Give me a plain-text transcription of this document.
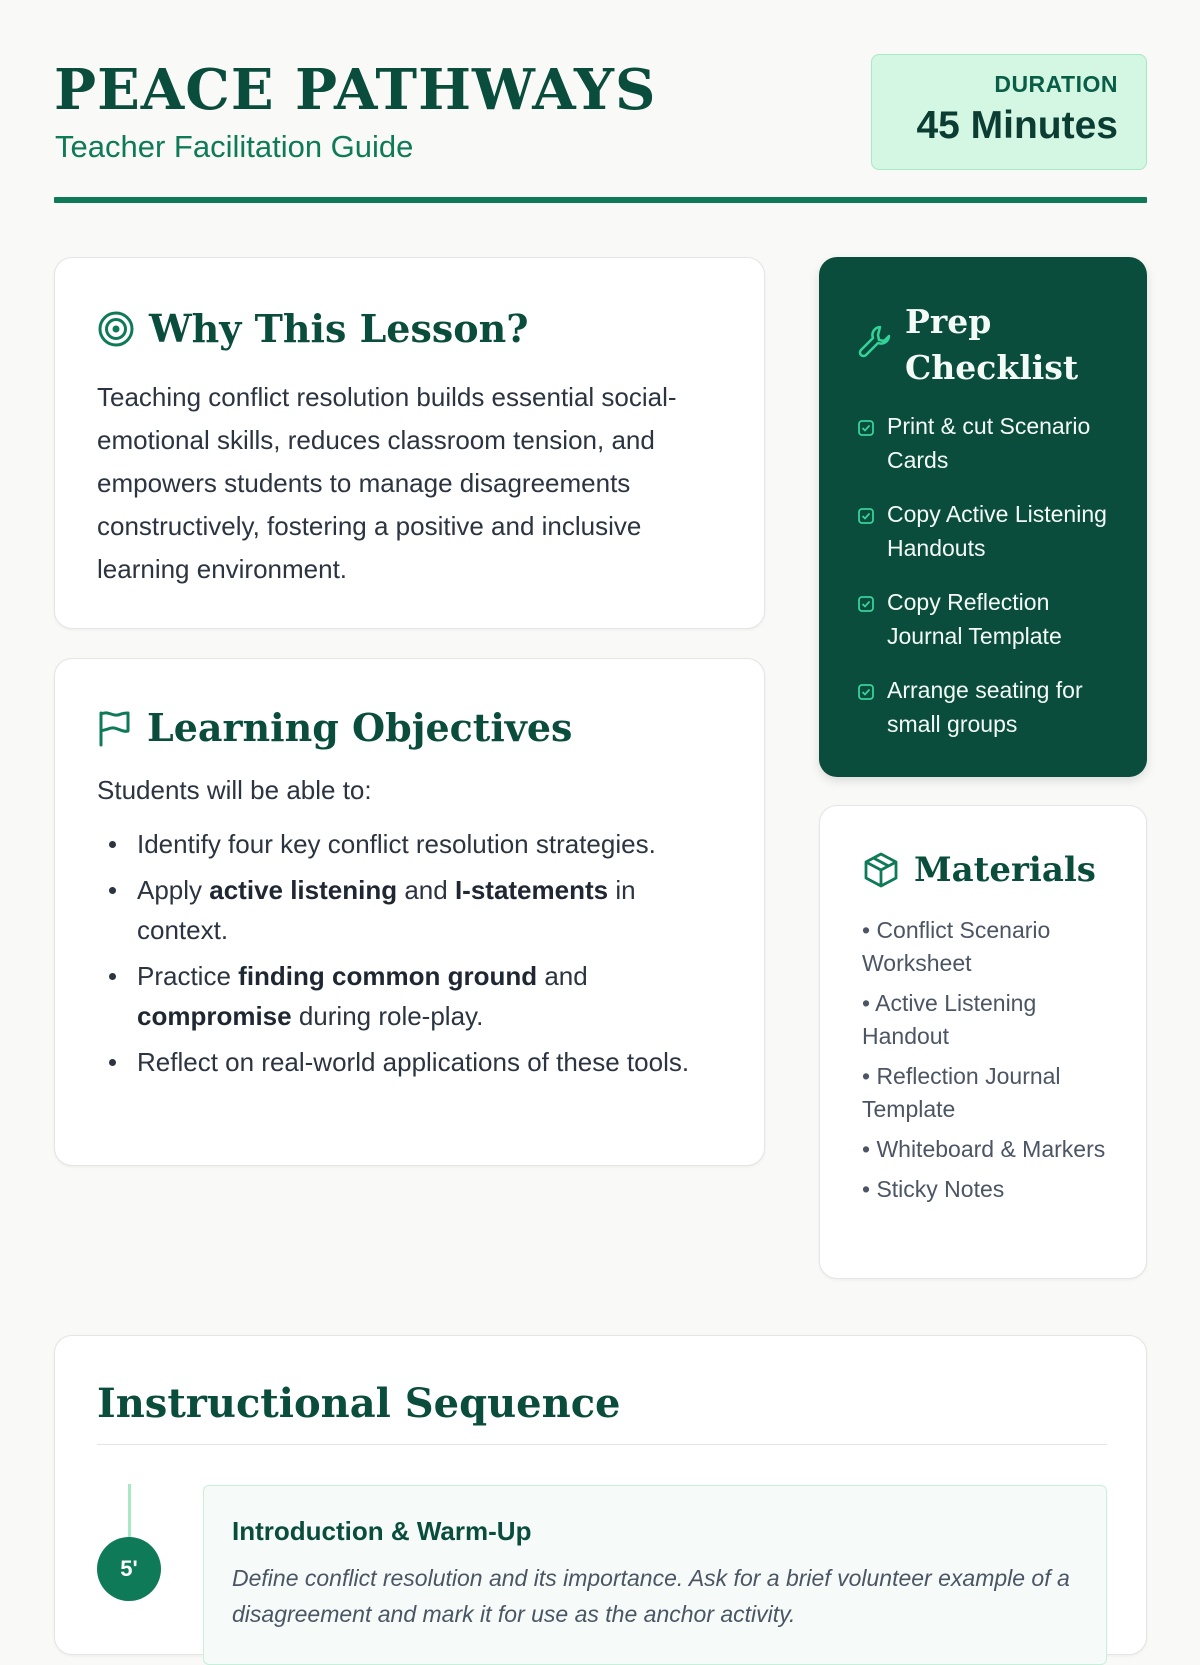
PEACE PATHWAYS
Teacher Facilitation Guide
DURATION
45 Minutes
Why This Lesson?
Teaching conflict resolution builds essential social-emotional skills, reduces classroom tension, and empowers students to manage disagreements constructively, fostering a positive and inclusive learning environment.
Learning Objectives
Students will be able to:
Identify four key conflict resolution strategies.
Apply active listening and I-statements in context.
Practice finding common ground and compromise during role-play.
Reflect on real-world applications of these tools.
Prep Checklist
Print & cut Scenario Cards
Copy Active Listening Handouts
Copy Reflection Journal Template
Arrange seating for small groups
Materials
• Conflict Scenario Worksheet
• Active Listening Handout
• Reflection Journal Template
• Whiteboard & Markers
• Sticky Notes
Instructional Sequence
5'
Introduction & Warm-Up
Define conflict resolution and its importance. Ask for a brief volunteer example of a disagreement and mark it for use as the anchor activity.
